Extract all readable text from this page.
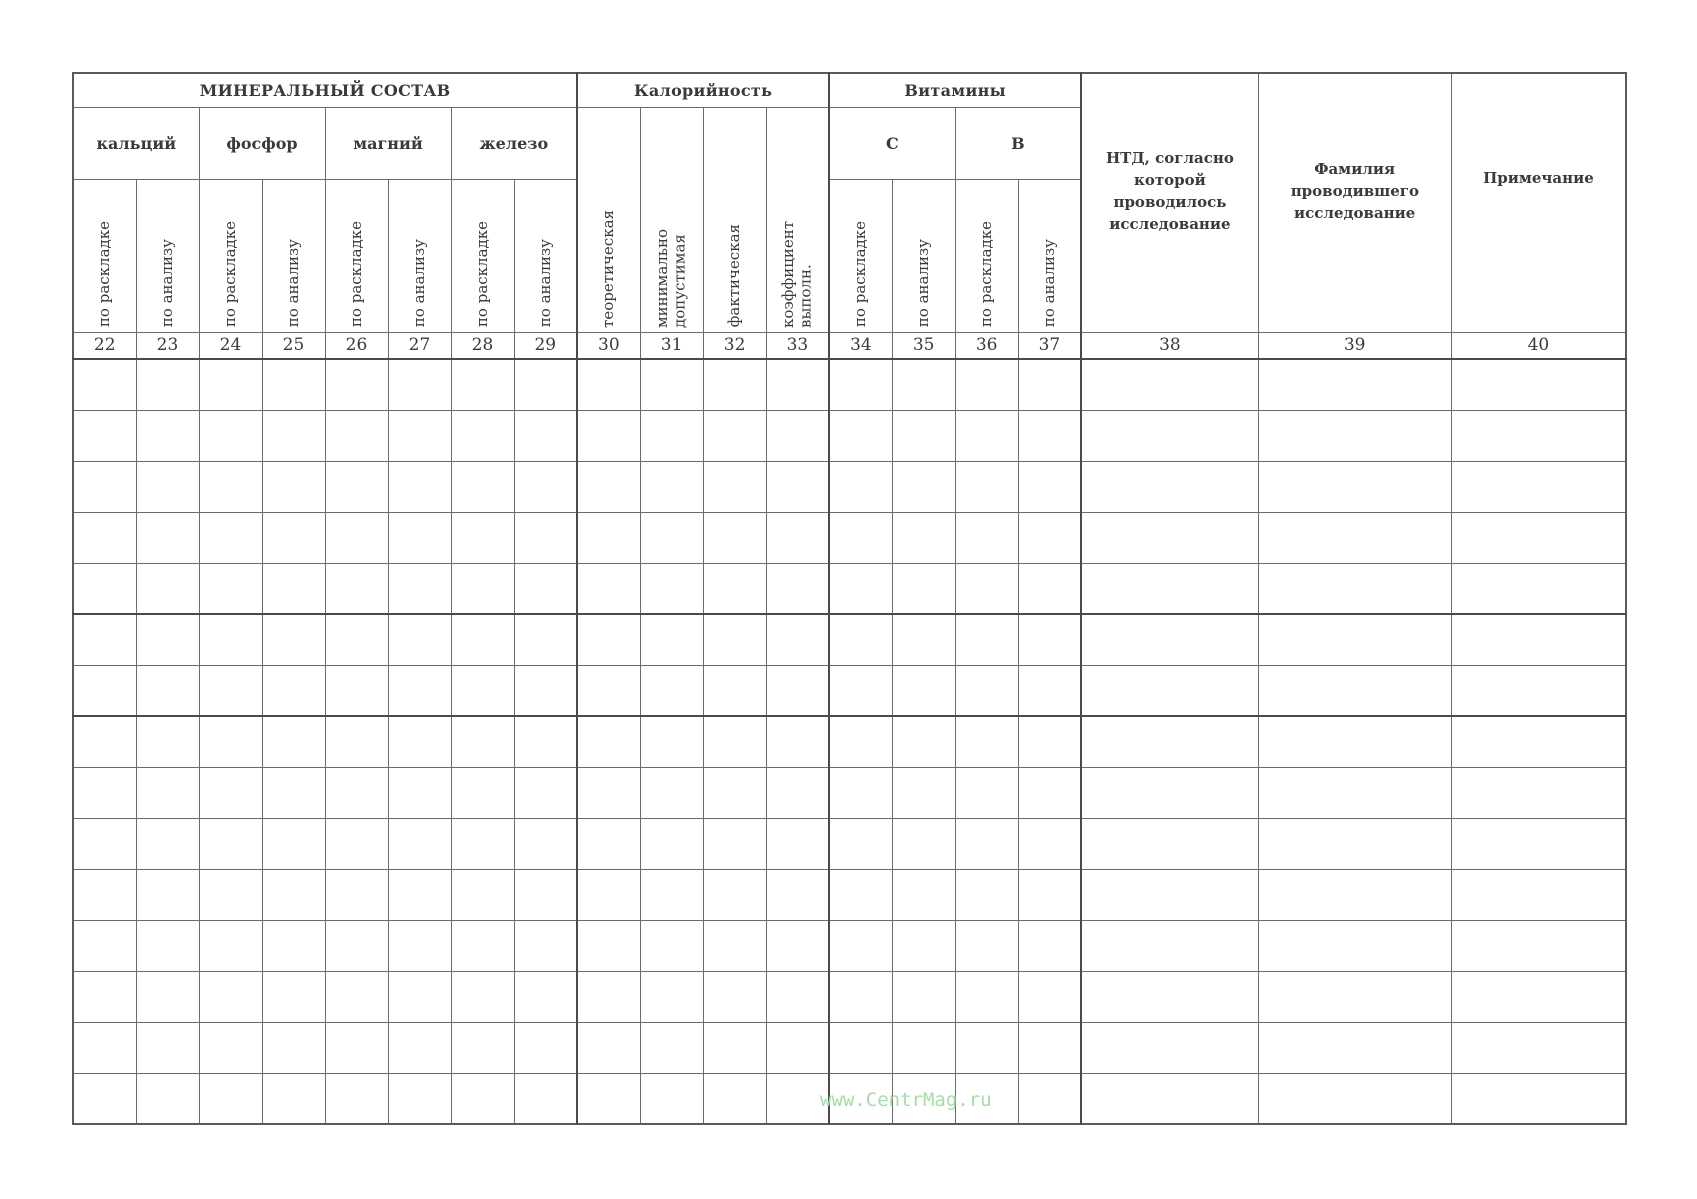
МИНЕРАЛЬНЫЙ СОСТАВ								Калорийность				Витамины				НТД, согласно которой проводилось исследование	Фамилия проводившего исследование	Примечание
кальций		фосфор		магний		железо		теоретическая	минимально допустимая	фактическая	коэффициент выполн.	С		В				

по раскладке	по анализу	по раскладке	по анализу	по раскладке	по анализу	по раскладке	по анализу					по раскладке	по анализу	по раскладке	по анализу			

22	23	24	25	26	27	28	29	30	31	32	33	34	35	36	37	38	39	40

www.CentrMag.ru
